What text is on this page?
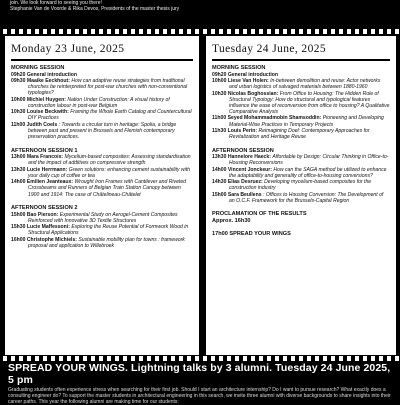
join. We look forward to seeing you there!
Stephanie Van de Voorde & Rika Devos, Presidents of the master thesis jury
Monday 23 June, 2025
MORNING SESSION
09h20 General introduction
09h30 Maaike Eeckhout: How can adaptive reuse strategies from traditional churches be reinterpreted for post-war churches with non-conventional typologies?
10h00 Michiel Huygen: Nation Under Construction: A visual history of construction labour in post-war Belgium
10h30 Louise Beckwith: Framing the Whole Earth Catalog and Countercultural DIY Practices
11h00 Judith Coels : Towards a circular turn in heritage: Spolia, a bridge between past and present in Brussels and Flemish contemporary preservation practices.
AFTERNOON SESSION 1
13h00 Mara Francois: Mycelium-based composites: Assessing standardisation and the impact of additives on compressive strength
13h30 Lucie Herrmann: Green solutions: enhancing cement sustainability with your daily cup of coffee or tea
14h00 Emilien Jeanteaux: Wrought Iron Frames with Cantilever and Riveted Crossbeams and Runners of Belgian Train Station Canopy between 1900 and 1914: The case of Châtelineau-Châtelet
AFTERNOON SESSION 2
15h00 Bao Pierson: Experimental Study on Aerogel-Cement Composites Reinforced with Innovative 3D Textile Structures
15h30 Lucie Maffessoni: Exploring the Reuse Potential of Formwork Wood in Structural Applications
16h00 Christophe Michiels: Sustainable mobility plan for towns : framework proposal and application to Willebroek
Tuesday 24 June, 2025
MORNING SESSION
09h20 General introduction
10h00 Liese Van Holen: In-between demolition and reuse: Actor networks and urban logistics of salvaged materials between 1880-1960
10h30 Nicolas Boghossian: From Office to Housing: The Hidden Role of Structural Typology: How do structural and typological features influence the ease of reconversion from office to housing? A Qualitative Comparative Analysis
11h00 Seyed Mohammadmobin Shamsoddin: Pioneering and Developing Material-Wise Practices in Temporary Projects
11h30 Louis Perin: Reimagining Doel: Contemporary Approaches for Revitalization and Heritage Reuse
AFTERNOON SESSION
13h30 Hannelore Haeck: Affordable by Design: Circular Thinking in Office-to-Housing Reconversions
14h00 Vincent Jonckeur: How can the SAGA method be utilized to enhance the adaptability and generality of office-to-housing conversions?
14h30 Elias Desruez: Developing mycelium-based composites for the construction industry
15h00 Sara Beullens : Offices to Housing Conversion: The Development of an O.C.F. Framework for the Brussels-Capital Region
PROCLAMATION OF THE RESULTS
Approx. 16h30
17h00 SPREAD YOUR WINGS
SPREAD YOUR WINGS. Lightning talks by 3 alumni. Tuesday 24 June 2025, 5 pm
Graduating students often experience stress when searching for their first job. Should I start an architecture internship? Do I want to pursue research? What exactly does a consulting engineer do? To support the master students in architectural engineering in this search, we invite three alumni with diverse backgrounds to share insights into their career paths. This year the following alumni are making time for our students:
